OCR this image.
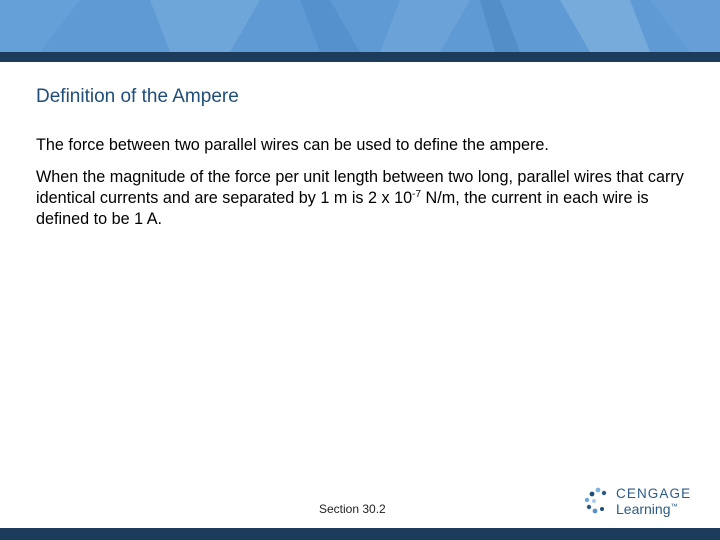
Definition of the Ampere
The force between two parallel wires can be used to define the ampere.
When the magnitude of the force per unit length between two long, parallel wires that carry identical currents and are separated by 1 m is 2 x $10^{-7}$ N/m, the current in each wire is defined to be 1 A.
Section 30.2
CENGAGE
Learning™
